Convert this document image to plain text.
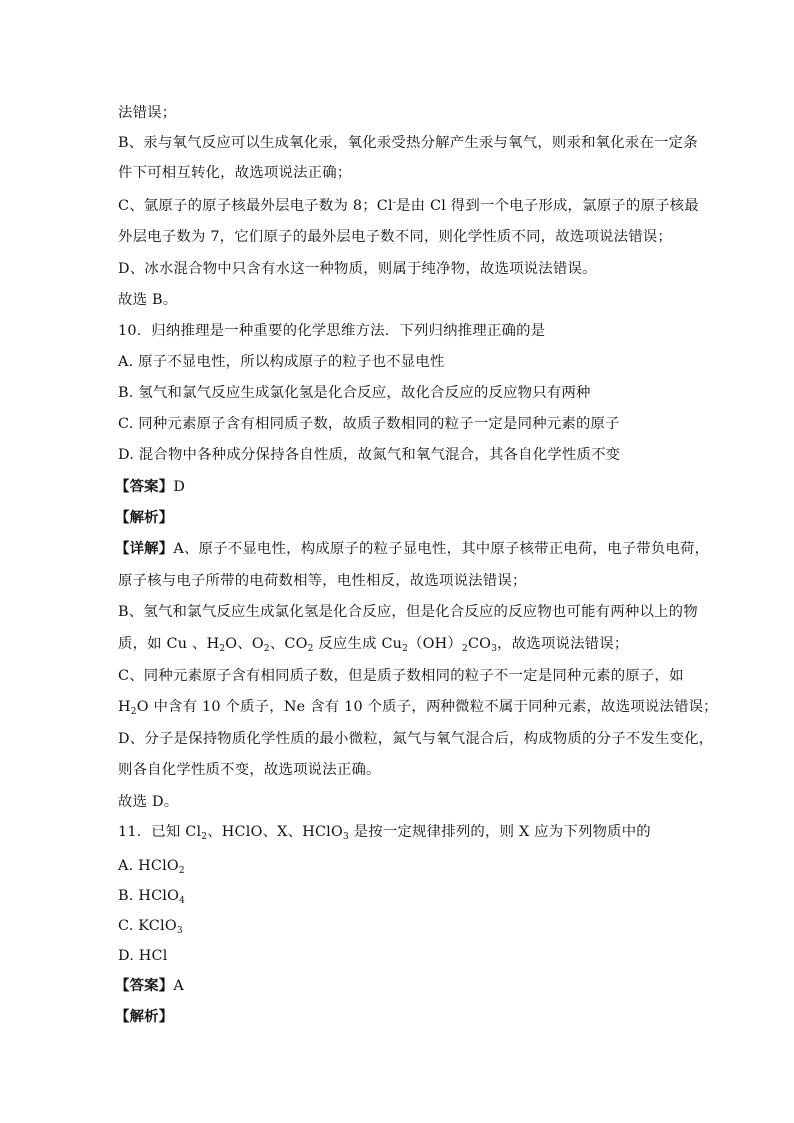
法错误；

B、汞与氧气反应可以生成氧化汞，氧化汞受热分解产生汞与氧气，则汞和氧化汞在一定条

件下可相互转化，故选项说法正确；

C、氩原子的原子核最外层电子数为 8；Cl-是由 Cl 得到一个电子形成，氯原子的原子核最

外层电子数为 7，它们原子的最外层电子数不同，则化学性质不同，故选项说法错误；

D、冰水混合物中只含有水这一种物质，则属于纯净物，故选项说法错误。

故选 B。

10．归纳推理是一种重要的化学思维方法．下列归纳推理正确的是

A. 原子不显电性，所以构成原子的粒子也不显电性

B. 氢气和氯气反应生成氯化氢是化合反应，故化合反应的反应物只有两种

C. 同种元素原子含有相同质子数，故质子数相同的粒子一定是同种元素的原子

D. 混合物中各种成分保持各自性质，故氮气和氧气混合，其各自化学性质不变

【答案】D

【解析】

【详解】A、原子不显电性，构成原子的粒子显电性，其中原子核带正电荷，电子带负电荷，

原子核与电子所带的电荷数相等，电性相反，故选项说法错误；

B、氢气和氯气反应生成氯化氢是化合反应，但是化合反应的反应物也可能有两种以上的物

质，如 Cu 、$H_2O$、$O_2$、$CO_2$ 反应生成 $Cu_2(OH)_2CO_3$，故选项说法错误；

C、同种元素原子含有相同质子数，但是质子数相同的粒子不一定是同种元素的原子，如

$H_2O$ 中含有 10 个质子，Ne 含有 10 个质子，两种微粒不属于同种元素，故选项说法错误；

D、分子是保持物质化学性质的最小微粒，氮气与氧气混合后，构成物质的分子不发生变化，

则各自化学性质不变，故选项说法正确。

故选 D。

11．已知 $Cl_2$、HClO、X、HClO$_3$ 是按一定规律排列的，则 X 应为下列物质中的

A. HClO$_2$

B. HClO$_4$

C. KClO$_3$

D. HCl

【答案】A

【解析】
